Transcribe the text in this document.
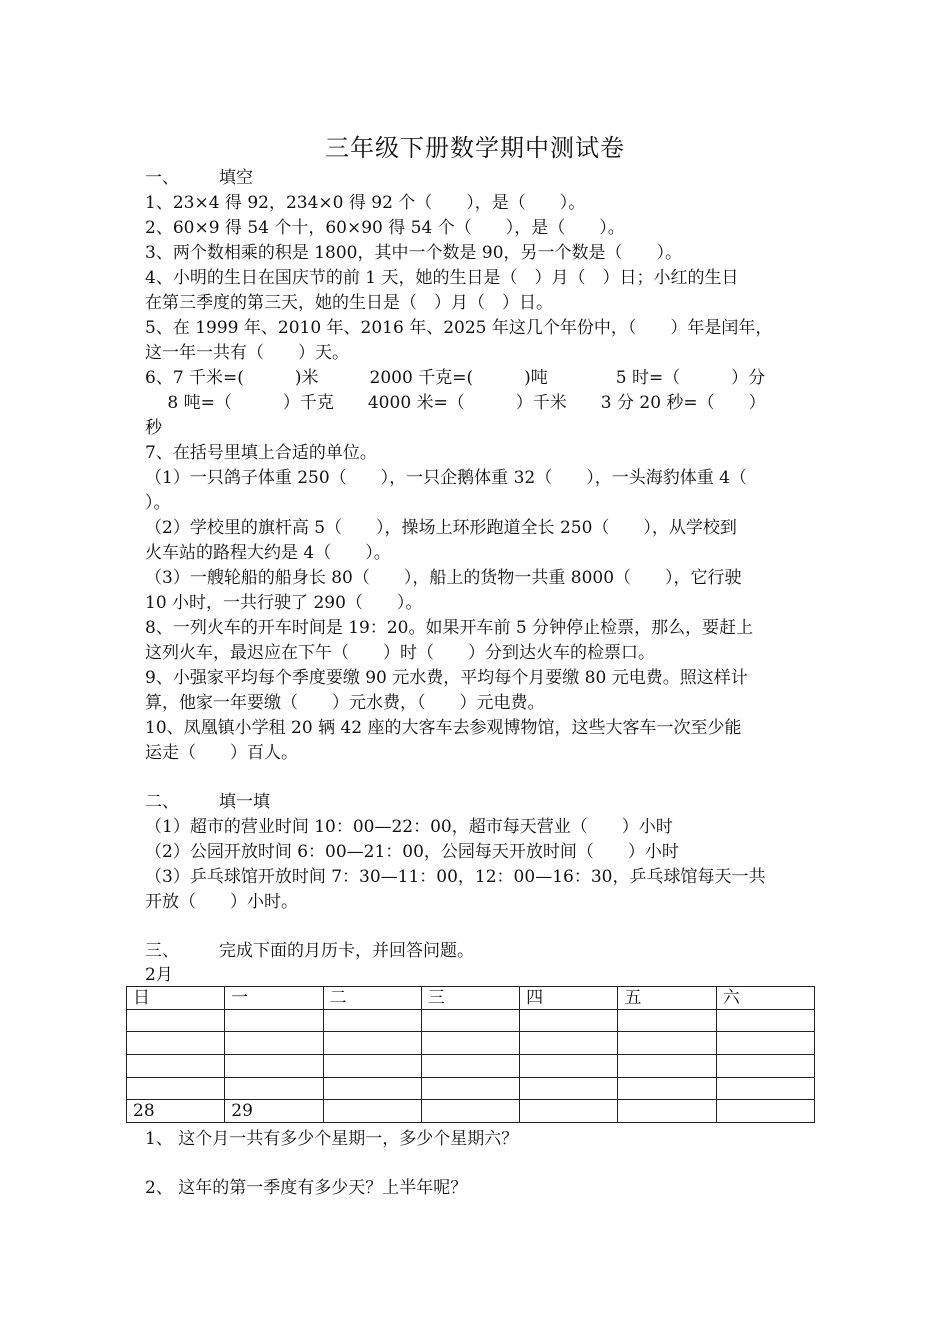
三年级下册数学期中测试卷
一、 填空
1、23×4 得 92，234×0 得 92 个（　　），是（　　）。
2、60×9 得 54 个十，60×90 得 54 个（　　），是（　　）。
3、两个数相乘的积是 1800，其中一个数是 90，另一个数是（　　）。
4、小明的生日在国庆节的前 1 天，她的生日是（　）月（　）日；小红的生日
在第三季度的第三天，她的生日是（　）月（　）日。
5、在 1999 年、2010 年、2016 年、2025 年这几个年份中，（　　）年是闰年，
这一年一共有（　　）天。
6、7 千米=(　　　)米　　　2000 千克=(　　　)吨　　　　5 时=（　　　）分
　 8 吨=（　　　）千克　　4000 米=（　　　）千米　　3 分 20 秒=（　　）
秒
7、在括号里填上合适的单位。
（1）一只鸽子体重 250（　　），一只企鹅体重 32（　　），一头海豹体重 4（
）。
（2）学校里的旗杆高 5（　　），操场上环形跑道全长 250（　　），从学校到
火车站的路程大约是 4（　　）。
（3）一艘轮船的船身长 80（　　），船上的货物一共重 8000（　　），它行驶
10 小时，一共行驶了 290（　　）。
8、一列火车的开车时间是 19：20。如果开车前 5 分钟停止检票，那么，要赶上
这列火车，最迟应在下午（　　）时（　　）分到达火车的检票口。
9、小强家平均每个季度要缴 90 元水费，平均每个月要缴 80 元电费。照这样计
算，他家一年要缴（　　）元水费，（　　）元电费。
10、凤凰镇小学租 20 辆 42 座的大客车去参观博物馆，这些大客车一次至少能
运走（　　）百人。
二、 填一填
（1）超市的营业时间 10：00—22：00，超市每天营业（　　）小时
（2）公园开放时间 6：00—21：00，公园每天开放时间（　　）小时
（3）乒乓球馆开放时间 7：30—11：00，12：00—16：30，乒乓球馆每天一共
开放（　　）小时。
三、 完成下面的月历卡，并回答问题。
2月
日	一	二	三	四	五	六

28	29					
1、 这个月一共有多少个星期一，多少个星期六？
2、 这年的第一季度有多少天？上半年呢？
